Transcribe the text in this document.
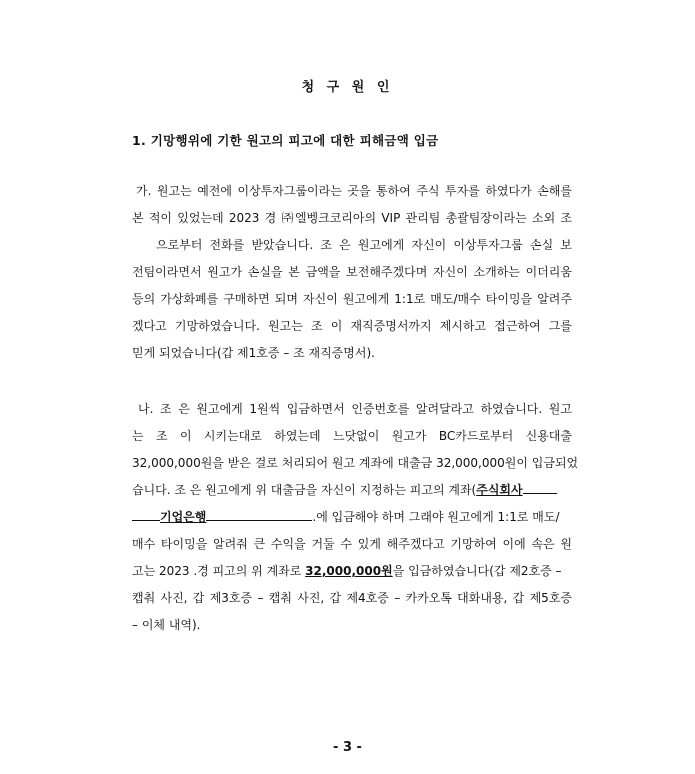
청 구 원 인
1. 기망행위에 기한 원고의 피고에 대한 피해금액 입금
가. 원고는 예전에 이상투자그룹이라는 곳을 통하여 주식 투자를 하였다가 손해를
본 적이 있었는데 2023 경 ㈜엘벵크코리아의 VIP 관리팀 총괄팀장이라는 소외 조
으로부터 전화를 받았습니다. 조 은 원고에게 자신이 이상투자그룹 손실 보
전팀이라면서 원고가 손실을 본 금액을 보전해주겠다며 자신이 소개하는 이더리움
등의 가상화폐를 구매하면 되며 자신이 원고에게 1:1로 매도/매수 타이밍을 알려주
겠다고 기망하였습니다. 원고는 조 이 재직증명서까지 제시하고 접근하여 그를
믿게 되었습니다(갑 제1호증 – 조 재직증명서).
나. 조 은 원고에게 1원씩 입금하면서 인증번호를 알려달라고 하였습니다. 원고
는 조 이 시키는대로 하였는데 느닷없이 원고가 BC카드로부터 신용대출
32,000,000원을 받은 걸로 처리되어 원고 계좌에 대출금 32,000,000원이 입금되었
습니다. 조 은 원고에게 위 대출금을 자신이 지정하는 피고의 계좌(주식회사
기업은행	.에 입금해야 하며 그래야 원고에게 1:1로 매도/
매수 타이밍을 알려줘 큰 수익을 거둘 수 있게 해주겠다고 기망하여 이에 속은 원
고는 2023 .경 피고의 위 계좌로 32,000,000원을 입금하였습니다(갑 제2호증 –
캡춰 사진, 갑 제3호증 – 캡춰 사진, 갑 제4호증 – 카카오톡 대화내용, 갑 제5호증
– 이체 내역).
- 3 -
